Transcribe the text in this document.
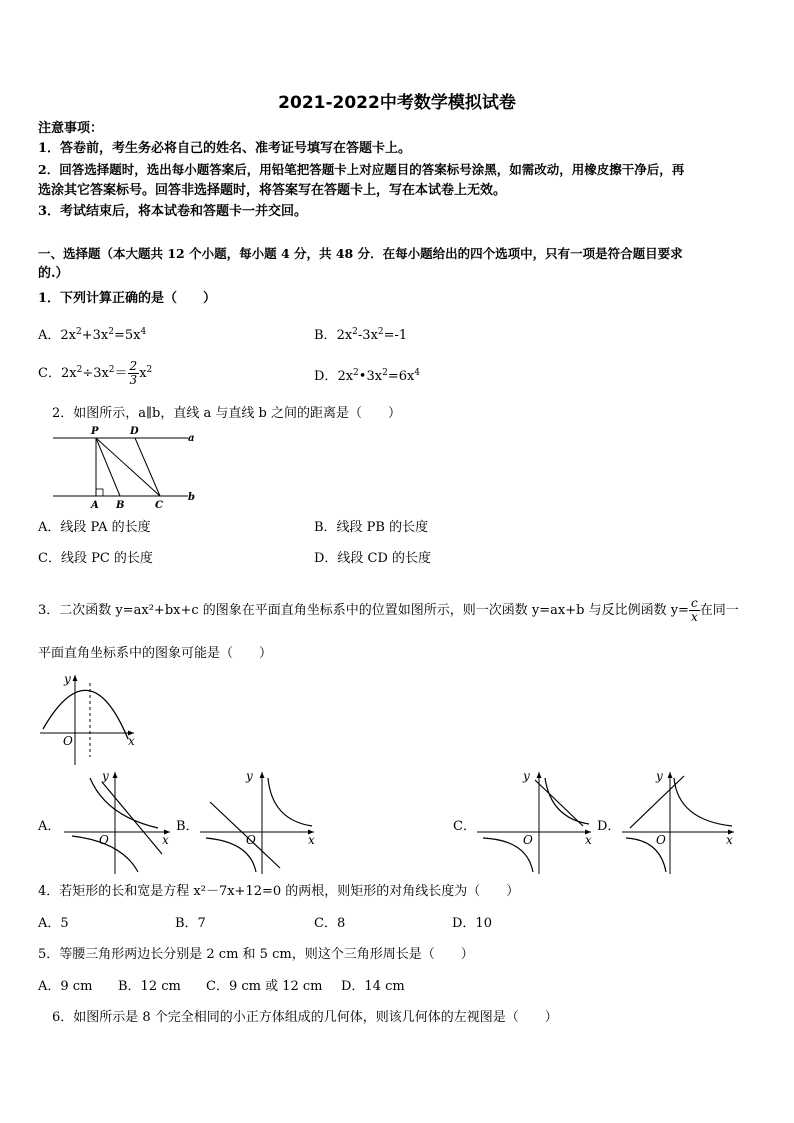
2021-2022中考数学模拟试卷
注意事项：
1．答卷前，考生务必将自己的姓名、准考证号填写在答题卡上。
2．回答选择题时，选出每小题答案后，用铅笔把答题卡上对应题目的答案标号涂黑，如需改动，用橡皮擦干净后，再
选涂其它答案标号。回答非选择题时，将答案写在答题卡上，写在本试卷上无效。
3．考试结束后，将本试卷和答题卡一并交回。
一、选择题（本大题共 12 个小题，每小题 4 分，共 48 分．在每小题给出的四个选项中，只有一项是符合题目要求
的.）
1．下列计算正确的是（　　）
A．$2x^2+3x^2=5x^4$	B．$2x^2-3x^2=-1$
C．$2x^2\div 3x^2= \frac{2}{3} x^2$	D．$2x^2•3x^2=6x^4$
2．如图所示，a∥b，直线 a 与直线 b 之间的距离是（　　）
P	D
a
A B	C
b
A．线段 PA 的长度	B．线段 PB 的长度
C．线段 PC 的长度	D．线段 CD 的长度
3．二次函数 y=ax²+bx+c 的图象在平面直角坐标系中的位置如图所示，则一次函数 y=ax+b 与反比例函数 $y= \frac{c}{x}$ 在同一
平面直角坐标系中的图象可能是（　　）
y
O	x
A．
y
O	x
B．
y
O	x
C．
y
O	x
D．
y
O	x
4．若矩形的长和宽是方程 x²－7x+12=0 的两根，则矩形的对角线长度为（　　）
A．5	B．7	C．8	D．10
5．等腰三角形两边长分别是 2 cm 和 5 cm，则这个三角形周长是（　　）
A．9 cm B．12 cm C．9 cm 或 12 cm D．14 cm
6．如图所示是 8 个完全相同的小正方体组成的几何体，则该几何体的左视图是（　　）
